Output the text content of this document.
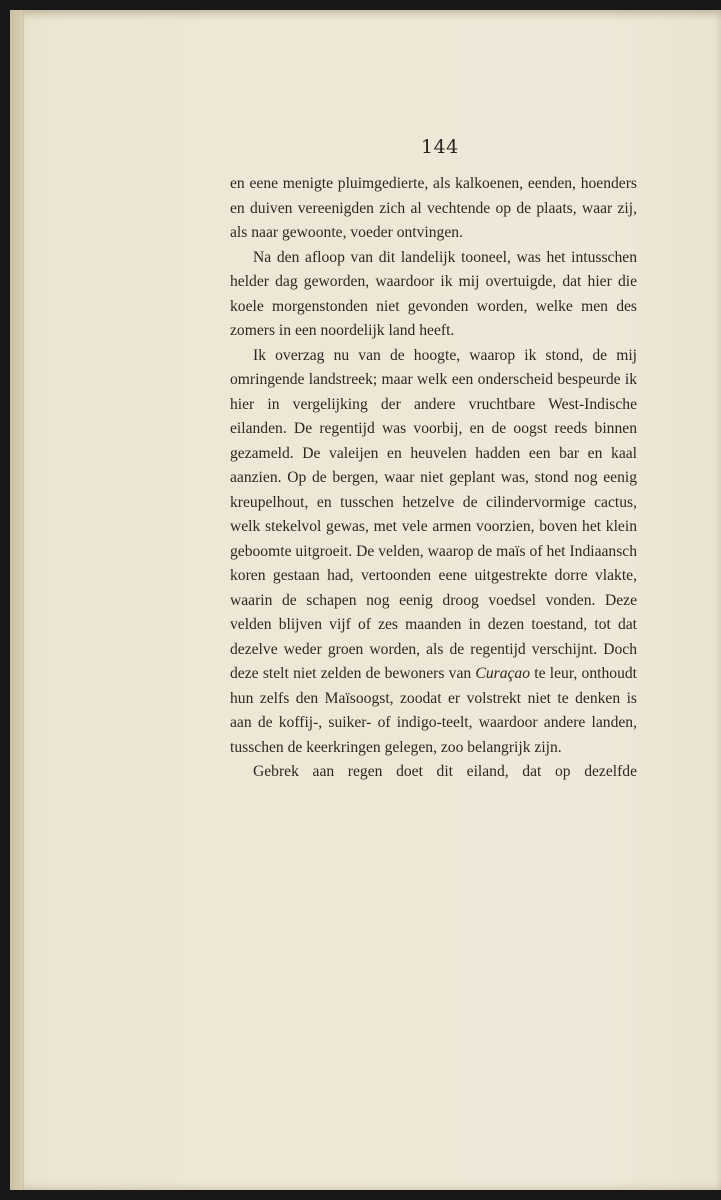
144

en eene menigte pluimgedierte, als kalkoenen, eenden, hoenders en duiven vereenigden zich al vechtende op de plaats, waar zij, als naar gewoonte, voeder ontvingen.

Na den afloop van dit landelijk tooneel, was het intusschen helder dag geworden, waardoor ik mij overtuigde, dat hier die koele morgenstonden niet gevonden worden, welke men des zomers in een noordelijk land heeft.

Ik overzag nu van de hoogte, waarop ik stond, de mij omringende landstreek; maar welk een onderscheid bespeurde ik hier in vergelijking der andere vruchtbare West-Indische eilanden. De regentijd was voorbij, en de oogst reeds binnen gezameld. De valeijen en heuvelen hadden een bar en kaal aanzien. Op de bergen, waar niet geplant was, stond nog eenig kreupelhout, en tusschen hetzelve de cilindervormige cactus, welk stekelvol gewas, met vele armen voorzien, boven het klein geboomte uitgroeit. De velden, waarop de maïs of het Indiaansch koren gestaan had, vertoonden eene uitgestrekte dorre vlakte, waarin de schapen nog eenig droog voedsel vonden. Deze velden blijven vijf of zes maanden in dezen toestand, tot dat dezelve weder groen worden, als de regentijd verschijnt. Doch deze stelt niet zelden de bewoners van Curaçao te leur, onthoudt hun zelfs den Maïsoogst, zoodat er volstrekt niet te denken is aan de koffij-, suiker- of indigo-teelt, waardoor andere landen, tusschen de keerkringen gelegen, zoo belangrijk zijn.

Gebrek aan regen doet dit eiland, dat op dezelfde
